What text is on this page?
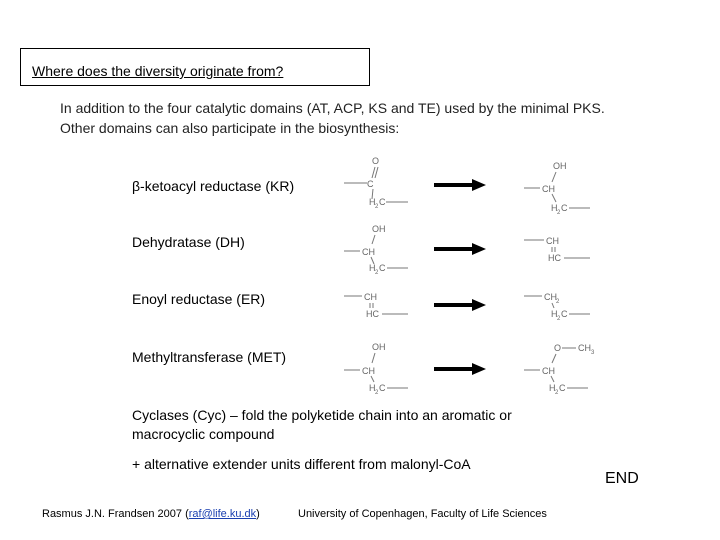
Where does the diversity originate from?
In addition to the four catalytic domains (AT, ACP, KS and TE) used by the minimal PKS. Other domains can also participate in the biosynthesis:
β-ketoacyl reductase (KR)
Dehydratase (DH)
Enoyl reductase (ER)
Methyltransferase (MET)
O
C
H 2 C
OH
CH
H 2 C
OH
CH
H 2 C
CH
HC
CH
HC
CH 2
H 2 C
OH
CH
H 2 C
O CH 3
CH
H 2 C
Cyclases (Cyc) – fold the polyketide chain into an aromatic or macrocyclic compound
+ alternative extender units different from malonyl-CoA
END
Rasmus J.N. Frandsen 2007 (raf@life.ku.dk)	University of Copenhagen, Faculty of Life Sciences
